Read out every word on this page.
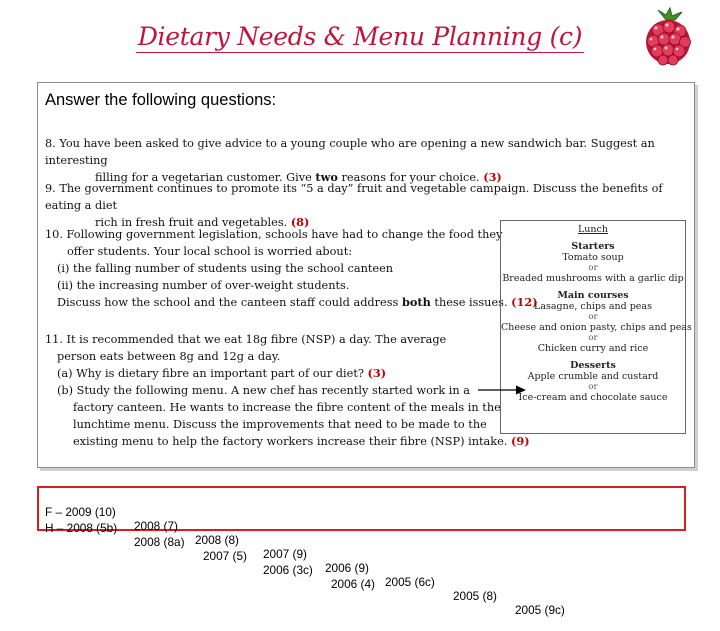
Dietary Needs & Menu Planning (c)
Answer the following questions:

8. You have been asked to give advice to a young couple who are opening a new sandwich bar. Suggest an interesting

filling for a vegetarian customer. Give two reasons for your choice. (3)

9. The government continues to promote its “5 a day” fruit and vegetable campaign. Discuss the benefits of eating a diet

rich in fresh fruit and vegetables. (8)

10. Following government legislation, schools have had to change the food they

offer students. Your local school is worried about:

(i) the falling number of students using the school canteen

(ii) the increasing number of over-weight students.

Discuss how the school and the canteen staff could address both these issues. (12)

11. It is recommended that we eat 18g fibre (NSP) a day. The average

person eats between 8g and 12g a day.

(a) Why is dietary fibre an important part of our diet? (3)

(b) Study the following menu. A new chef has recently started work in a

factory canteen. He wants to increase the fibre content of the meals in the

lunchtime menu. Discuss the improvements that need to be made to the

existing menu to help the factory workers increase their fibre (NSP) intake. (9)

Lunch
Starters
Tomato soup
or
Breaded mushrooms with a garlic dip
Main courses
Lasagne, chips and peas
or
Cheese and onion pasty, chips and peas
or
Chicken curry and rice
Desserts
Apple crumble and custard
or
Ice-cream and chocolate sauce

F – 2009 (10)

2008 (7)

2008 (8)

2007 (9)

2006 (9)

2005 (6c)

2005 (8)

2005 (9c)

H – 2008 (5b)

2008 (8a)

2007 (5)

2006 (3c)

2006 (4)
